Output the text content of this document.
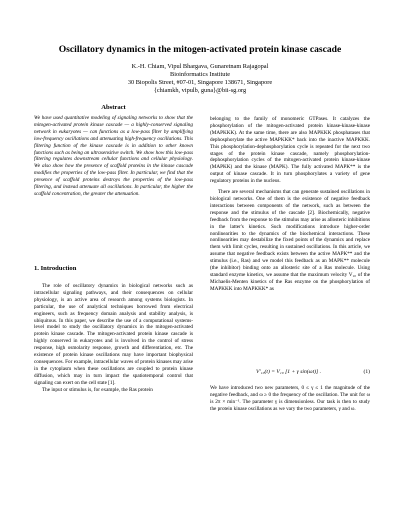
Oscillatory dynamics in the mitogen-activated protein kinase cascade
K.-H. Chiam, Vipul Bhargava, Gunaretnam Rajagopal
Bioinformatics Institute
30 Biopolis Street, #07-01, Singapore 138671, Singapore
{chiamkh, vipulb, guna}@bii-sg.org
Abstract

We have used quantitative modeling of signaling networks to show that the mitogen-activated protein kinase cascade — a highly-conserved signaling network in eukaryotes — can functions as a low-pass filter by amplifying low-frequency oscillations and attenuating high-frequency oscillations. This filtering function of the kinase cascade is in addition to other known functions such as being an ultrasensitive switch. We show how this low-pass filtering regulates downstream cellular functions and cellular physiology. We also show how the presence of scaffold proteins in the kinase cascade modifies the properties of the low-pass filter. In particular, we find that the presence of scaffold proteins destroys the properties of the low-pass filtering, and instead attenuate all oscillations. In particular, the higher the scaffold concentration, the greater the attenuation.

1. Introduction

The role of oscillatory dynamics in biological networks such as intracellular signaling pathways, and their consequences on cellular physiology, is an active area of research among systems biologists. In particular, the use of analytical techniques borrowed from electrical engineers, such as frequency domain analysis and stability analysis, is ubiquitous. In this paper, we describe the use of a computational systems-level model to study the oscillatory dynamics in the mitogen-activated protein kinase cascade. The mitogen-activated protein kinase cascade is highly conserved in eukaryotes and is involved in the control of stress response, high osmolarity response, growth and differentiation, etc. The existence of protein kinase oscillations may have important biophysical consequences. For example, intracellular waves of protein kinases may arise in the cytoplasm when these oscillations are coupled to protein kinase diffusion, which may in turn impact the spatiotemporal control that signaling can exert on the cell state [1].

The input or stimulus is, for example, the Ras protein

belonging to the family of monomeric GTPases. It catalyzes the phosphorylation of the mitogen-activated protein kinase-kinase-kinase (MAPKKK). At the same time, there are also MAPKKK phosphatases that dephosphorylate the active MAPKKK* back into the inactive MAPKKK. This phosphorylation-dephosphorylation cycle is repeated for the next two stages of the protein kinase cascade, namely phosphorylation-dephosphorylation cycles of the mitogen-activated protein kinase-kinase (MAPKK) and the kinase (MAPK). The fully activated MAPK** is the output of kinase cascade. It in turn phosphorylates a variety of gene regulatory proteins in the nucleus.

There are several mechanisms that can generate sustained oscillations in biological networks. One of them is the existence of negative feedback interactions between components of the network, such as between the response and the stimulus of the cascade [2]. Biochemically, negative feedback from the response to the stimulus may arise as allosteric inhibitions in the latter's kinetics. Such modifications introduce higher-order nonlinearities to the dynamics of the biochemical interactions. These nonlinearities may destabilize the fixed points of the dynamics and replace them with limit cycles, resulting in sustained oscillations. In this article, we assume that negative feedback exists between the active MAPK** and the stimulus (i.e., Ras) and we model this feedback as an MAPK** molecule (the inhibitor) binding onto an allosteric site of a Ras molecule. Using standard enzyme kinetics, we assume that the maximum velocity V₁₀ of the Michaelis-Menten kinetics of the Ras enzyme on the phosphorylation of MAPKKK into MAPKKK* as

V′₁₀(t) = V₁₀ [1 + γ sin(ωt)] .	(1)

We have introduced two new parameters, 0 ≤ γ ≤ 1 the magnitude of the negative feedback, and ω ≥ 0 the frequency of the oscillation. The unit for ω is 2π × min⁻¹. The parameter γ is dimensionless. Our task is then to study the protein kinase oscillations as we vary the two parameters, γ and ω.
